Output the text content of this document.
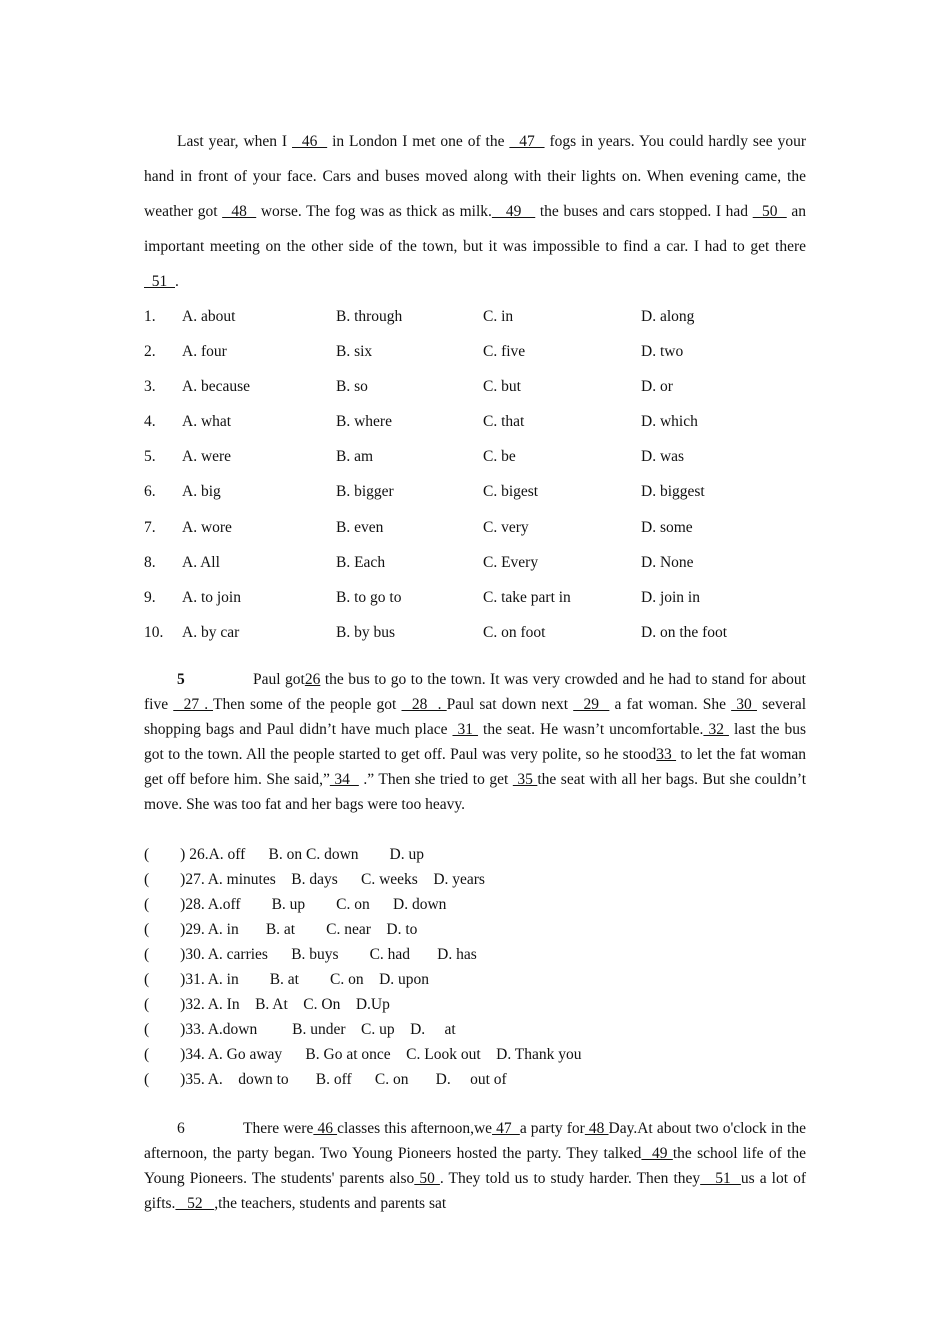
Last year, when I   46   in London I met one of the   47   fogs in years. You could hardly see your hand in front of your face. Cars and buses moved along with their lights on. When evening came, the weather got   48   worse. The fog was as thick as milk.   49    the buses and cars stopped. I had   50   an important meeting on the other side of the town, but it was impossible to find a car. I had to get there   51  .
1. A. about	B. through	C. in	D. along
2. A. four	B. six	C. five	D. two
3. A. because	B. so	C. but	D. or
4. A. what	B. where	C. that	D. which
5. A. were	B. am	C. be	D. was
6. A. big	B. bigger	C. bigest	D. biggest
7. A. wore	B. even	C. very	D. some
8. A. All	B. Each	C. Every	D. None
9. A. to join	B. to go to	C. take part in	D. join in
10. A. by car	B. by bus	C. on foot	D. on the foot
5	Paul got26 the bus to go to the town. It was very crowded and he had to stand for about five   27 . Then some of the people got   28  . Paul sat down next   29   a fat woman. She  30  several shopping bags and Paul didn’t have much place  31  the seat. He wasn’t uncomfortable. 32  last the bus got to the town. All the people started to get off. Paul was very polite, so he stood33  to let the fat woman get off before him. She said,” 34   .” Then she tried to get  35 the seat with all her bags. But she couldn’t move. She was too fat and her bags were too heavy.
(        ) 26.A. off      B. on C. down        D. up
(        )27. A. minutes    B. days      C. weeks    D. years
(        )28. A.off        B. up        C. on      D. down
(        )29. A. in       B. at        C. near    D. to
(        )30. A. carries      B. buys        C. had       D. has
(        )31. A. in        B. at        C. on    D. upon
(        )32. A. In    B. At    C. On    D.Up
(        )33. A.down         B. under    C. up    D.     at
(        )34. A. Go away      B. Go at once    C. Look out    D. Thank you
(        )35. A.    down to       B. off      C. on       D.     out of
6	There were 46 classes this afternoon,we 47  a party for 48 Day.At about two o'clock in the afternoon, the party began. Two Young Pioneers hosted the party. They talked  49 the school life of the Young Pioneers. The students' parents also 50 . They told us to study harder. Then they   51  us a lot of gifts.   52   ,the teachers, students and parents sat
